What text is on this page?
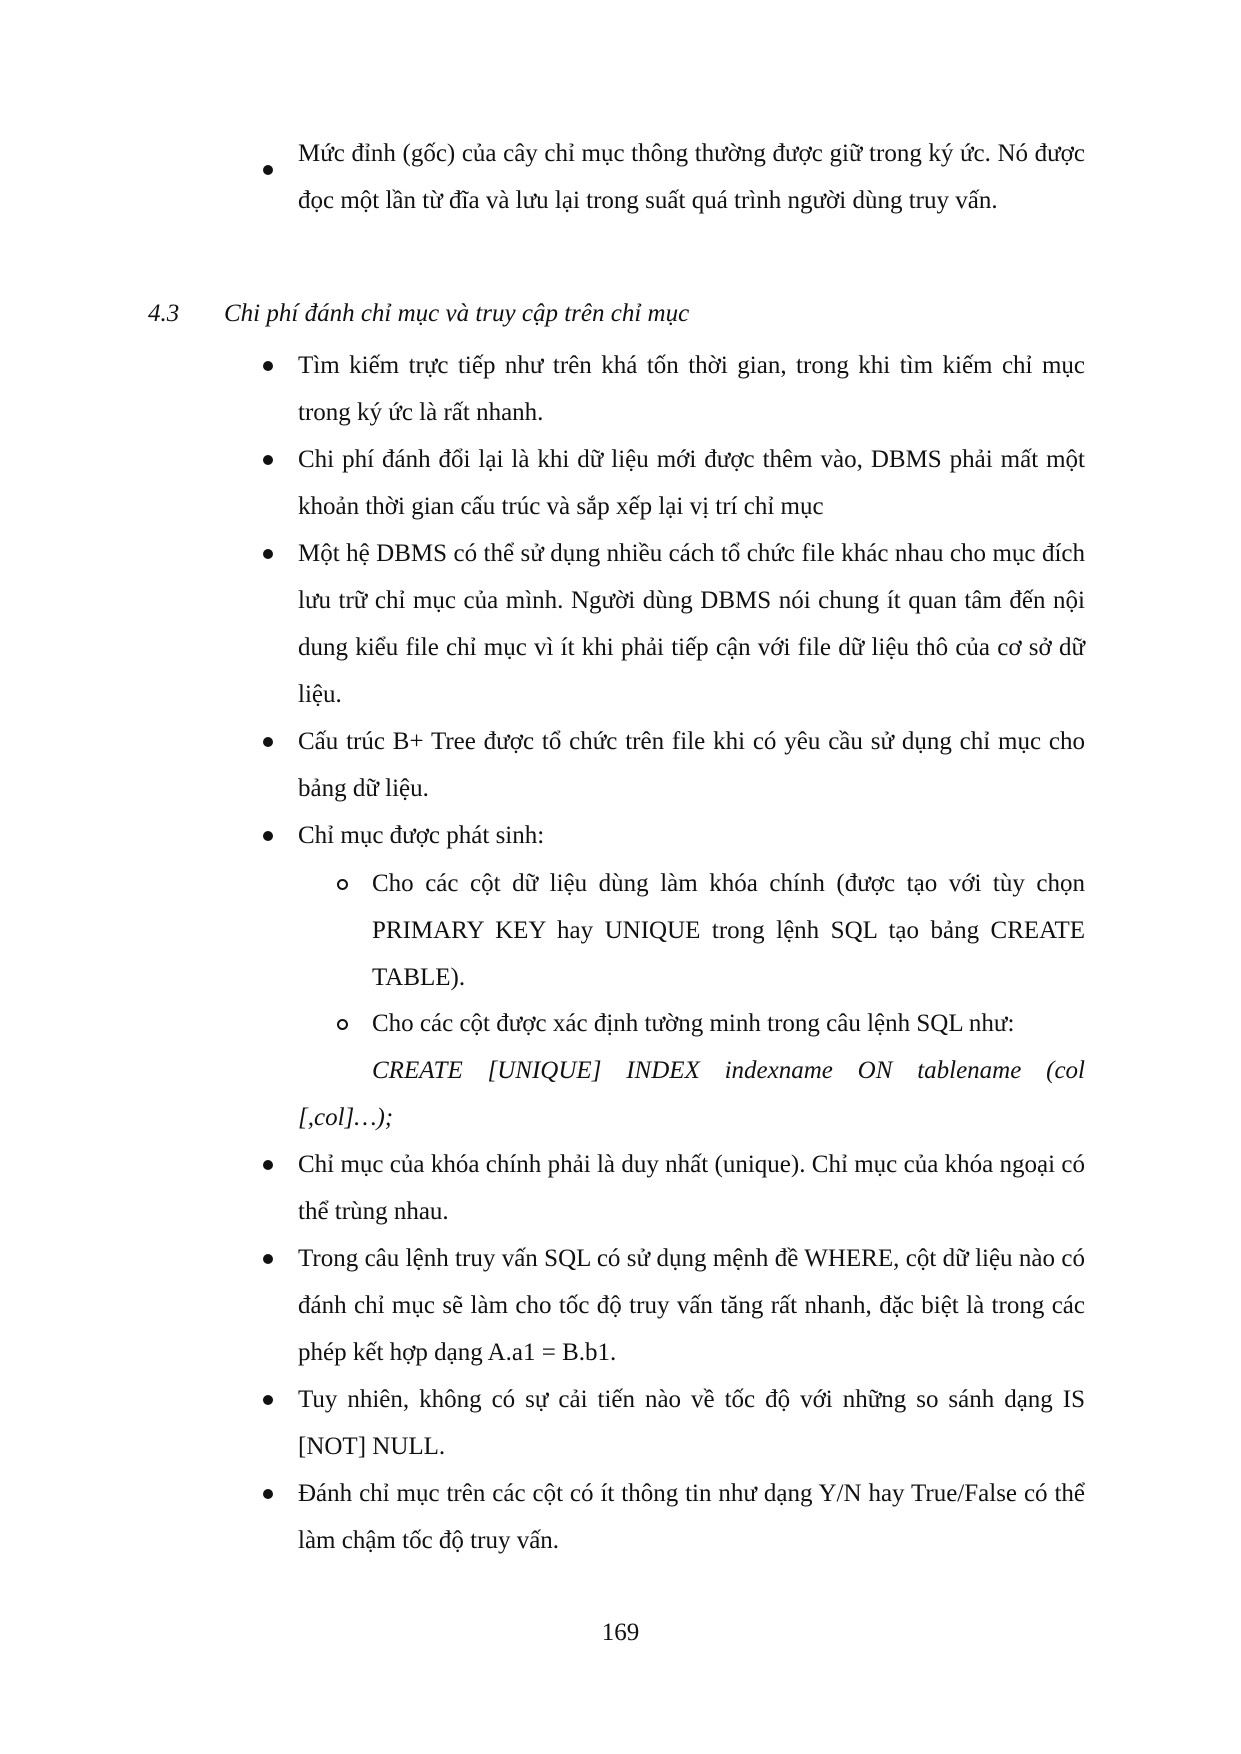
Mức đỉnh (gốc) của cây chỉ mục thông thường được giữ trong ký ức. Nó được đọc một lần từ đĩa và lưu lại trong suất quá trình người dùng truy vấn.
4.3 Chi phí đánh chỉ mục và truy cập trên chỉ mục
Tìm kiếm trực tiếp như trên khá tốn thời gian, trong khi tìm kiếm chỉ mục trong ký ức là rất nhanh.
Chi phí đánh đổi lại là khi dữ liệu mới được thêm vào, DBMS phải mất một khoản thời gian cấu trúc và sắp xếp lại vị trí chỉ mục
Một hệ DBMS có thể sử dụng nhiều cách tổ chức file khác nhau cho mục đích lưu trữ chỉ mục của mình. Người dùng DBMS nói chung ít quan tâm đến nội dung kiểu file chỉ mục vì ít khi phải tiếp cận với file dữ liệu thô của cơ sở dữ liệu.
Cấu trúc B+ Tree được tổ chức trên file khi có yêu cầu sử dụng chỉ mục cho bảng dữ liệu.
Chỉ mục được phát sinh:
Cho các cột dữ liệu dùng làm khóa chính (được tạo với tùy chọn PRIMARY KEY hay UNIQUE trong lệnh SQL tạo bảng CREATE TABLE).
Cho các cột được xác định tường minh trong câu lệnh SQL như:
CREATE [UNIQUE] INDEX indexname ON tablename (col
[,col]…);
Chỉ mục của khóa chính phải là duy nhất (unique). Chỉ mục của khóa ngoại có thể trùng nhau.
Trong câu lệnh truy vấn SQL có sử dụng mệnh đề WHERE, cột dữ liệu nào có đánh chỉ mục sẽ làm cho tốc độ truy vấn tăng rất nhanh, đặc biệt là trong các phép kết hợp dạng A.a1 = B.b1.
Tuy nhiên, không có sự cải tiến nào về tốc độ với những so sánh dạng IS [NOT] NULL.
Đánh chỉ mục trên các cột có ít thông tin như dạng Y/N hay True/False có thể làm chậm tốc độ truy vấn.
169
